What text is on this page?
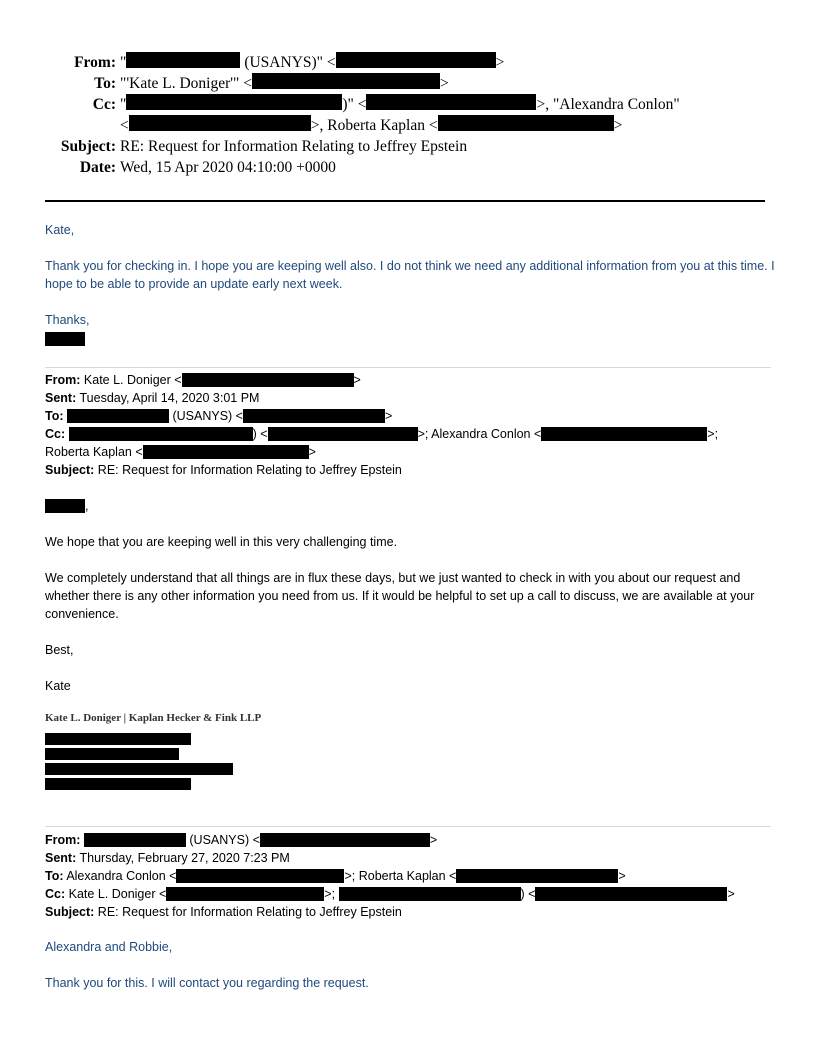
From: "	(USANYS)" <	>
To: "'Kate L. Doniger'" <	>
Cc: "	)" <	> , "Alexandra Conlon"
<	> , Roberta Kaplan <	>
Subject: RE: Request for Information Relating to Jeffrey Epstein
Date: Wed, 15 Apr 2020 04:10:00 +0000

Kate,

Thank you for checking in. I hope you are keeping well also. I do not think we need any additional information from you at this time. I hope to be able to provide an update early next week.

Thanks,
From: Kate L. Doniger <	>
Sent: Tuesday, April 14, 2020 3:01 PM
To:	(USANYS) <	>
Cc:	) <	>; Alexandra Conlon <	>;
Roberta Kaplan <	>
Subject: RE: Request for Information Relating to Jeffrey Epstein

,

We hope that you are keeping well in this very challenging time.

We completely understand that all things are in flux these days, but we just wanted to check in with you about our request and whether there is any other information you need from us. If it would be helpful to set up a call to discuss, we are available at your convenience.

Best,

Kate

Kate L. Doniger | Kaplan Hecker & Fink LLP
From:	(USANYS) <	>
Sent: Thursday, February 27, 2020 7:23 PM
To: Alexandra Conlon <	>; Roberta Kaplan <	>
Cc: Kate L. Doniger <	>;	) <	>
Subject: RE: Request for Information Relating to Jeffrey Epstein

Alexandra and Robbie,

Thank you for this. I will contact you regarding the request.
